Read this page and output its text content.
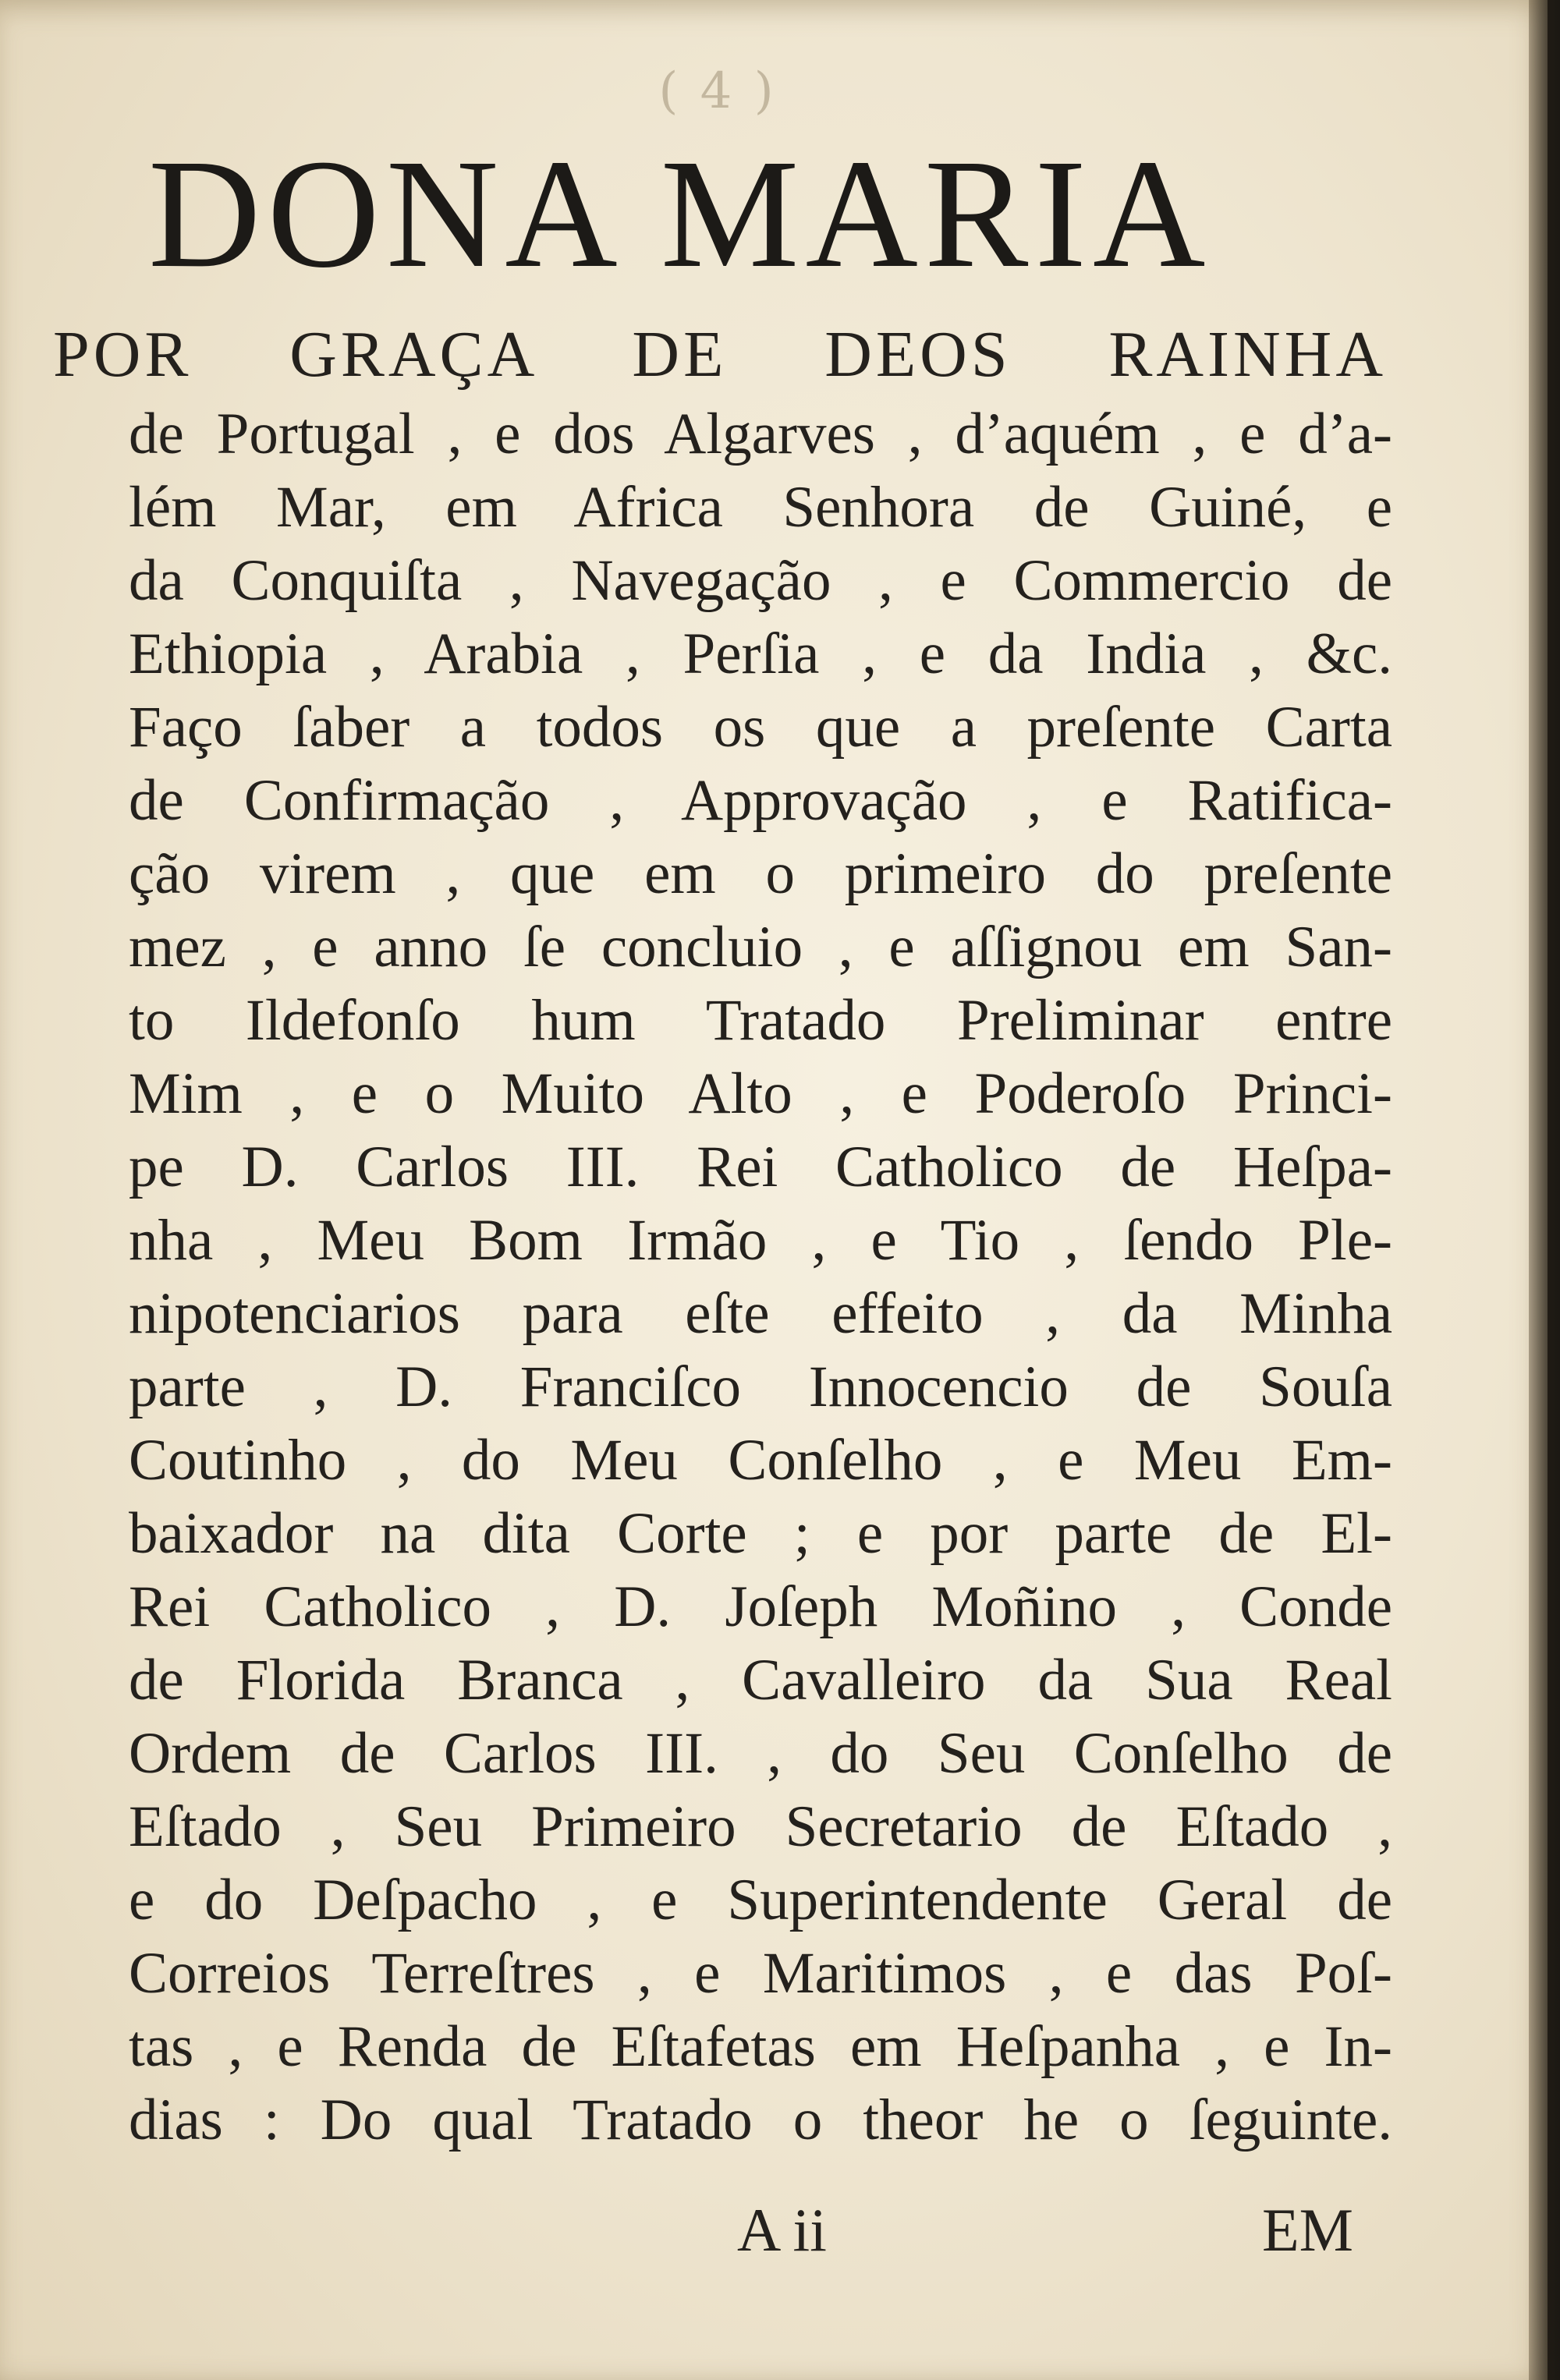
( 4 )
DONA MARIA
POR GRAÇA DE DEOS RAINHA
de Portugal , e dos Algarves , d’aquém , e d’a-
lém Mar, em Africa Senhora de Guiné, e
da Conquiſta , Navegação , e Commercio de
Ethiopia , Arabia , Perſia , e da India , &c.
Faço ſaber a todos os que a preſente Carta
de Confirmação , Approvação , e Ratifica-
ção virem , que em o primeiro do preſente
mez , e anno ſe concluio , e aſſignou em San-
to Ildefonſo hum Tratado Preliminar entre
Mim , e o Muito Alto , e Poderoſo Princi-
pe D. Carlos III. Rei Catholico de Heſpa-
nha , Meu Bom Irmão , e Tio , ſendo Ple-
nipotenciarios para eſte effeito , da Minha
parte , D. Franciſco Innocencio de Souſa
Coutinho , do Meu Conſelho , e Meu Em-
baixador na dita Corte ; e por parte de El-
Rei Catholico , D. Joſeph Moñino , Conde
de Florida Branca , Cavalleiro da Sua Real
Ordem de Carlos III. , do Seu Conſelho de
Eſtado , Seu Primeiro Secretario de Eſtado ,
e do Deſpacho , e Superintendente Geral de
Correios Terreſtres , e Maritimos , e das Poſ-
tas , e Renda de Eſtafetas em Heſpanha , e In-
dias : Do qual Tratado o theor he o ſeguinte.
A ii	EM
